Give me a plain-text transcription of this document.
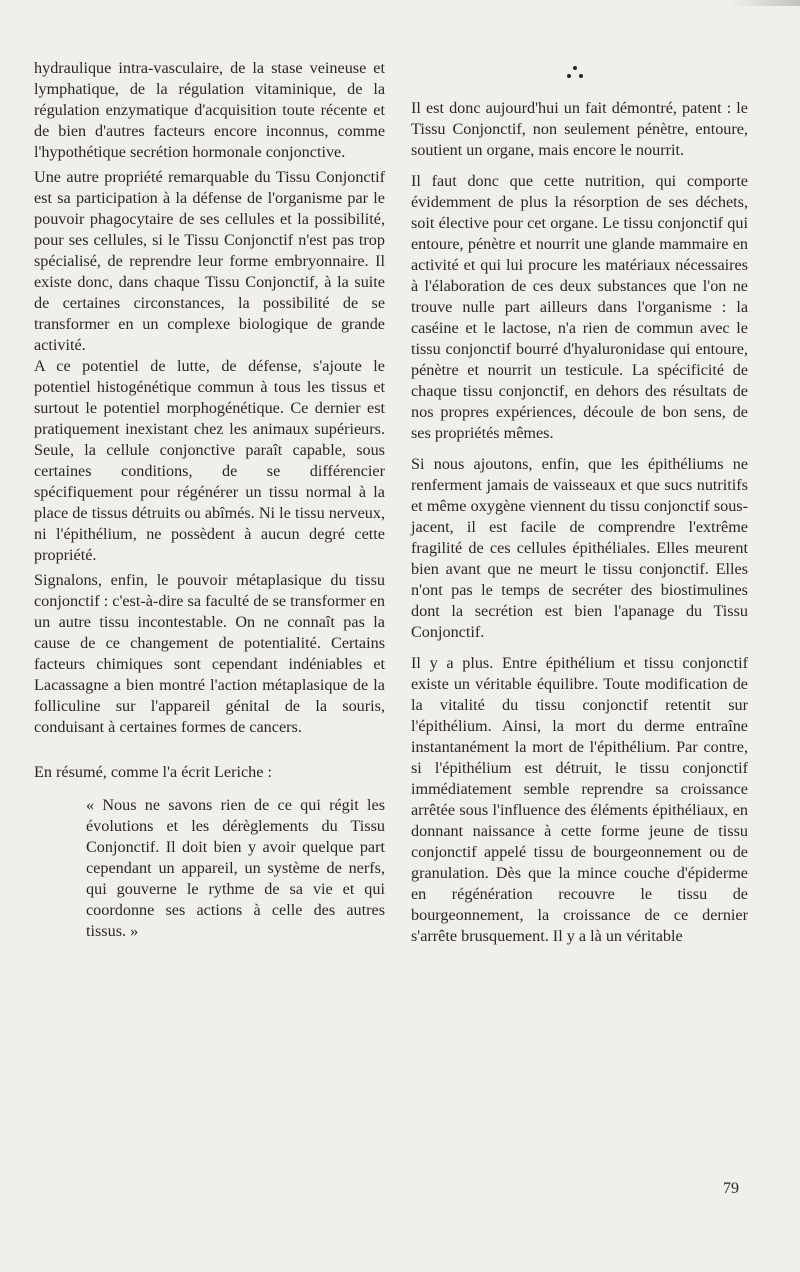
hydraulique intra-vasculaire, de la stase veineuse et lymphatique, de la régulation vitaminique, de la régulation enzymatique d'acquisition toute récente et de bien d'autres facteurs encore inconnus, comme l'hypothétique secrétion hormonale conjonctive.

Une autre propriété remarquable du Tissu Conjonctif est sa participation à la défense de l'organisme par le pouvoir phagocytaire de ses cellules et la possibilité, pour ses cellules, si le Tissu Conjonctif n'est pas trop spécialisé, de reprendre leur forme embryonnaire. Il existe donc, dans chaque Tissu Conjonctif, à la suite de certaines circonstances, la possibilité de se transformer en un complexe biologique de grande activité.

A ce potentiel de lutte, de défense, s'ajoute le potentiel histogénétique commun à tous les tissus et surtout le potentiel morphogénétique. Ce dernier est pratiquement inexistant chez les animaux supérieurs. Seule, la cellule conjonctive paraît capable, sous certaines conditions, de se différencier spécifiquement pour régénérer un tissu normal à la place de tissus détruits ou abîmés. Ni le tissu nerveux, ni l'épithélium, ne possèdent à aucun degré cette propriété.

Signalons, enfin, le pouvoir métaplasique du tissu conjonctif : c'est-à-dire sa faculté de se transformer en un autre tissu incontestable. On ne connaît pas la cause de ce changement de potentialité. Certains facteurs chimiques sont cependant indéniables et Lacassagne a bien montré l'action métaplasique de la folliculine sur l'appareil génital de la souris, conduisant à certaines formes de cancers.

En résumé, comme l'a écrit Leriche :

« Nous ne savons rien de ce qui régit les évolutions et les dérèglements du Tissu Conjonctif. Il doit bien y avoir quelque part cependant un appareil, un système de nerfs, qui gouverne le rythme de sa vie et qui coordonne ses actions à celle des autres tissus. »

Il est donc aujourd'hui un fait démontré, patent : le Tissu Conjonctif, non seulement pénètre, entoure, soutient un organe, mais encore le nourrit.

Il faut donc que cette nutrition, qui comporte évidemment de plus la résorption de ses déchets, soit élective pour cet organe. Le tissu conjonctif qui entoure, pénètre et nourrit une glande mammaire en activité et qui lui procure les matériaux nécessaires à l'élaboration de ces deux substances que l'on ne trouve nulle part ailleurs dans l'organisme : la caséine et le lactose, n'a rien de commun avec le tissu conjonctif bourré d'hyaluronidase qui entoure, pénètre et nourrit un testicule. La spécificité de chaque tissu conjonctif, en dehors des résultats de nos propres expériences, découle de bon sens, de ses propriétés mêmes.

Si nous ajoutons, enfin, que les épithéliums ne renferment jamais de vaisseaux et que sucs nutritifs et même oxygène viennent du tissu conjonctif sous-jacent, il est facile de comprendre l'extrême fragilité de ces cellules épithéliales. Elles meurent bien avant que ne meurt le tissu conjonctif. Elles n'ont pas le temps de secréter des biostimulines dont la secrétion est bien l'apanage du Tissu Conjonctif.

Il y a plus. Entre épithélium et tissu conjonctif existe un véritable équilibre. Toute modification de la vitalité du tissu conjonctif retentit sur l'épithélium. Ainsi, la mort du derme entraîne instantanément la mort de l'épithélium. Par contre, si l'épithélium est détruit, le tissu conjonctif immédiatement semble reprendre sa croissance arrêtée sous l'influence des éléments épithéliaux, en donnant naissance à cette forme jeune de tissu conjonctif appelé tissu de bourgeonnement ou de granulation. Dès que la mince couche d'épiderme en régénération recouvre le tissu de bourgeonnement, la croissance de ce dernier s'arrête brusquement. Il y a là un véritable

79
